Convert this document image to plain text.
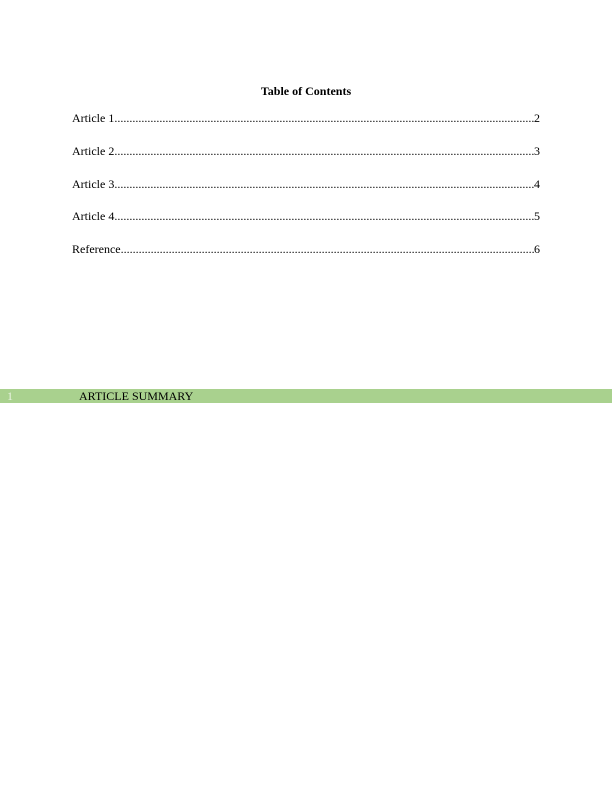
Table of Contents
Article 1 .....	2
Article 2 .....	3
Article 3 .....	4
Article 4 .....	5
Reference .....	6
1	ARTICLE SUMMARY
